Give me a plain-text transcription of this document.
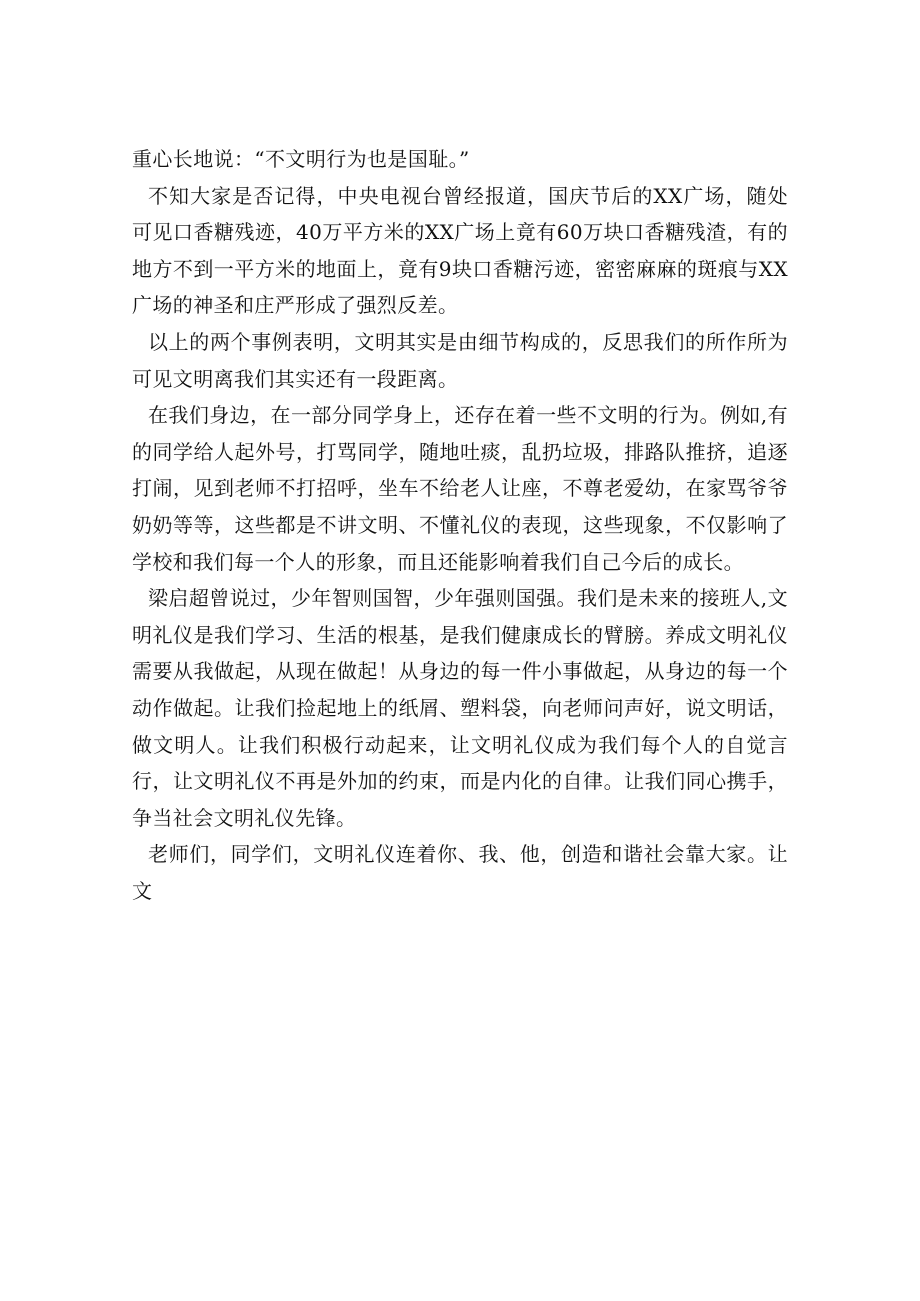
重心长地说：“不文明行为也是国耻。”

不知大家是否记得，中央电视台曾经报道，国庆节后的XX广场，随处可见口香糖残迹，40万平方米的XX广场上竟有60万块口香糖残渣，有的地方不到一平方米的地面上，竟有9块口香糖污迹，密密麻麻的斑痕与XX广场的神圣和庄严形成了强烈反差。

以上的两个事例表明，文明其实是由细节构成的，反思我们的所作所为可见文明离我们其实还有一段距离。

在我们身边，在一部分同学身上，还存在着一些不文明的行为。例如,有的同学给人起外号，打骂同学，随地吐痰，乱扔垃圾，排路队推挤，追逐打闹，见到老师不打招呼，坐车不给老人让座，不尊老爱幼，在家骂爷爷奶奶等等，这些都是不讲文明、不懂礼仪的表现，这些现象，不仅影响了学校和我们每一个人的形象，而且还能影响着我们自己今后的成长。

梁启超曾说过，少年智则国智，少年强则国强。我们是未来的接班人,文明礼仪是我们学习、生活的根基，是我们健康成长的臂膀。养成文明礼仪需要从我做起，从现在做起！从身边的每一件小事做起，从身边的每一个动作做起。让我们捡起地上的纸屑、塑料袋，向老师问声好，说文明话，做文明人。让我们积极行动起来，让文明礼仪成为我们每个人的自觉言行，让文明礼仪不再是外加的约束，而是内化的自律。让我们同心携手，争当社会文明礼仪先锋。

老师们，同学们，文明礼仪连着你、我、他，创造和谐社会靠大家。让文
